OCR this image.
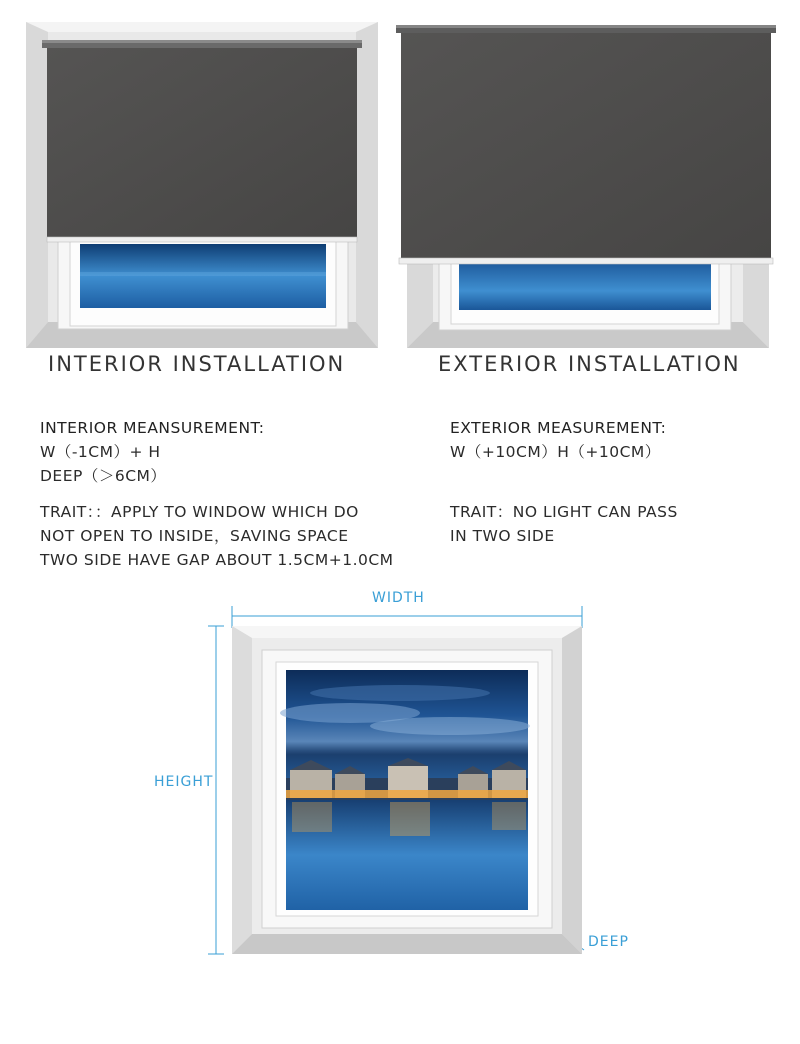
INTERIOR INSTALLATION	EXTERIOR INSTALLATION
INTERIOR MEANSUREMENT:
W（-1CM）+ H
DEEP（＞6CM）
TRAIT：：APPLY TO WINDOW WHICH DO
NOT OPEN TO INSIDE，SAVING SPACE
TWO SIDE HAVE GAP ABOUT 1.5CM+1.0CM
EXTERIOR MEASUREMENT:
W（+10CM）H（+10CM）
TRAIT：NO LIGHT CAN PASS
IN TWO SIDE
WIDTH
HEIGHT
DEEP
